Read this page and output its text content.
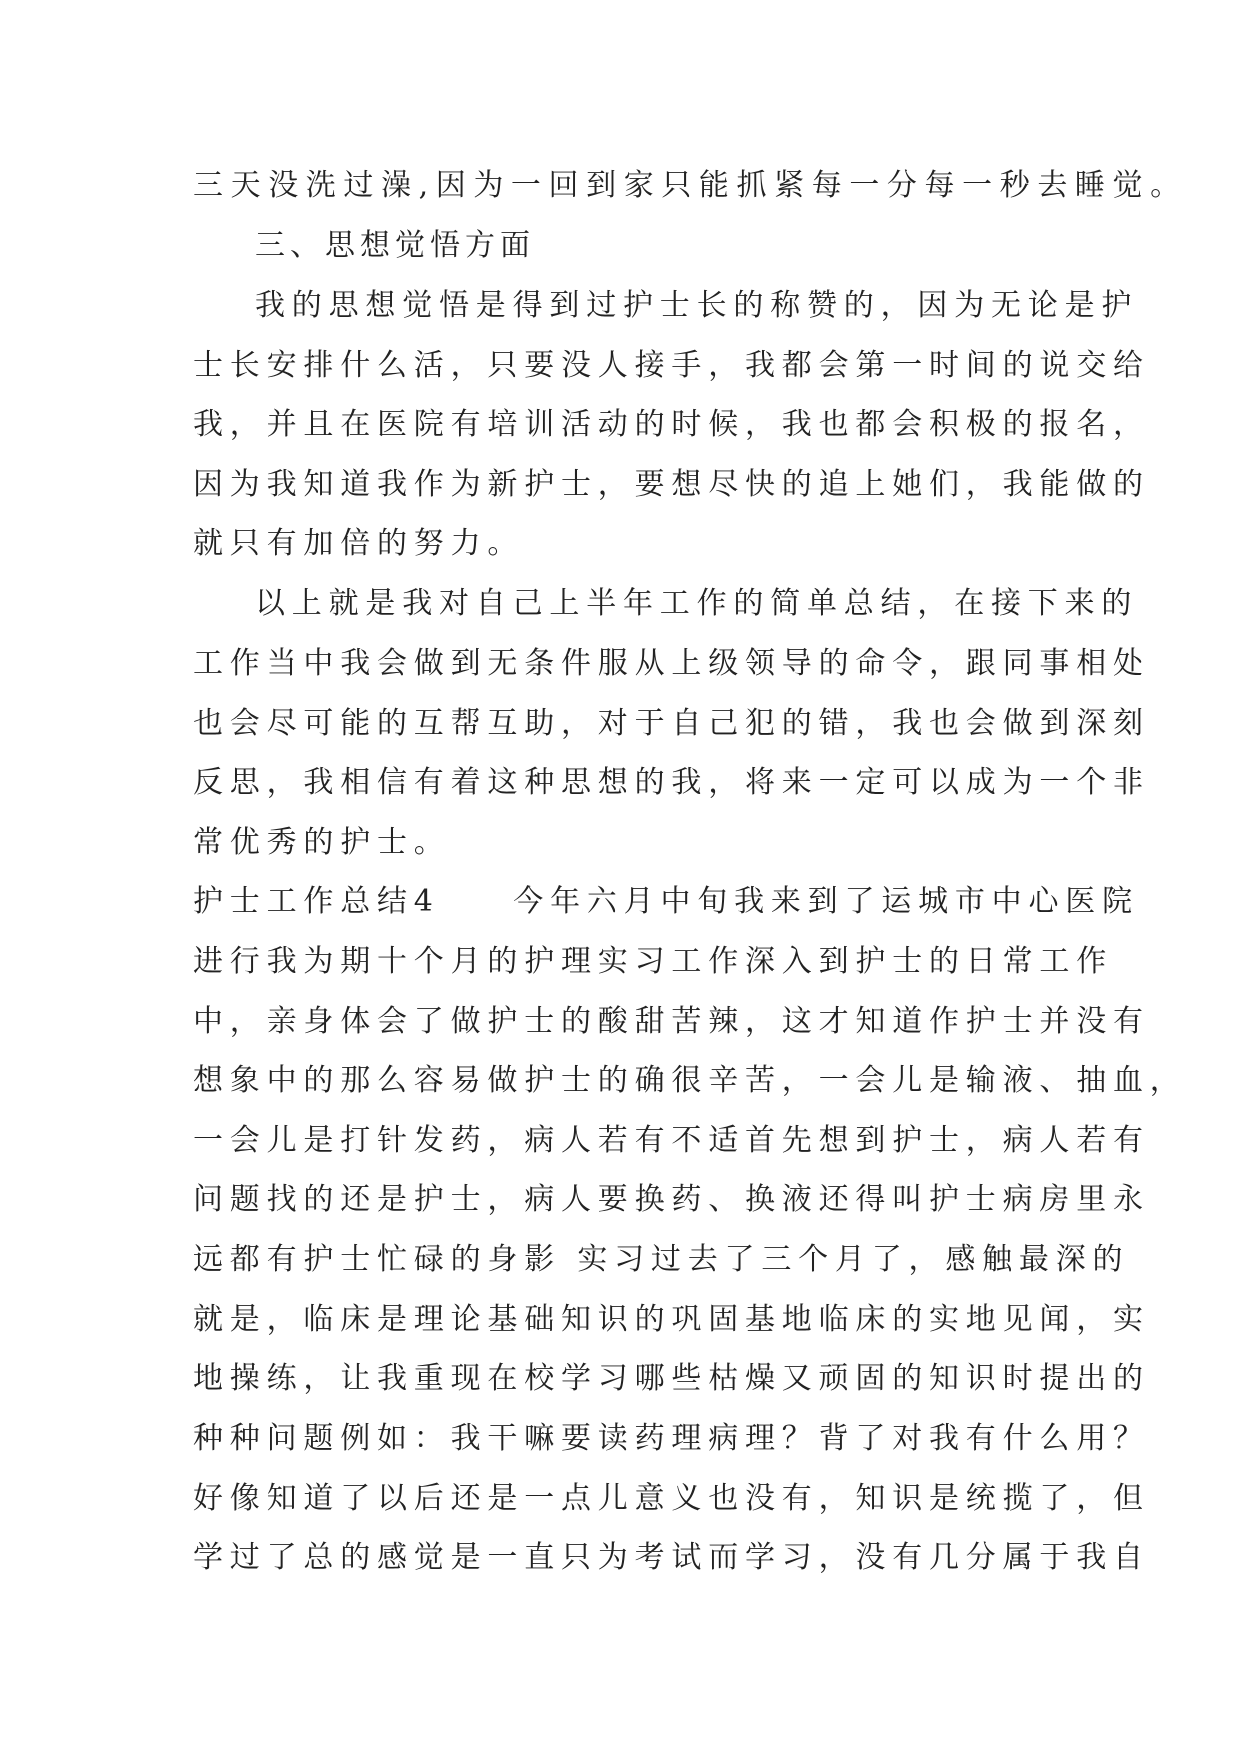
三天没洗过澡,因为一回到家只能抓紧每一分每一秒去睡觉。
三、思想觉悟方面
我的思想觉悟是得到过护士长的称赞的，因为无论是护
士长安排什么活，只要没人接手，我都会第一时间的说交给
我，并且在医院有培训活动的时候，我也都会积极的报名，
因为我知道我作为新护士，要想尽快的追上她们，我能做的
就只有加倍的努力。
以上就是我对自己上半年工作的简单总结，在接下来的
工作当中我会做到无条件服从上级领导的命令，跟同事相处
也会尽可能的互帮互助，对于自己犯的错，我也会做到深刻
反思，我相信有着这种思想的我，将来一定可以成为一个非
常优秀的护士。
护士工作总结4　　今年六月中旬我来到了运城市中心医院
进行我为期十个月的护理实习工作深入到护士的日常工作
中，亲身体会了做护士的酸甜苦辣，这才知道作护士并没有
想象中的那么容易做护士的确很辛苦，一会儿是输液、抽血，
一会儿是打针发药，病人若有不适首先想到护士，病人若有
问题找的还是护士，病人要换药、换液还得叫护士病房里永
远都有护士忙碌的身影 实习过去了三个月了，感触最深的
就是，临床是理论基础知识的巩固基地临床的实地见闻，实
地操练，让我重现在校学习哪些枯燥又顽固的知识时提出的
种种问题例如：我干嘛要读药理病理？背了对我有什么用？
好像知道了以后还是一点儿意义也没有，知识是统揽了，但
学过了总的感觉是一直只为考试而学习，没有几分属于我自
